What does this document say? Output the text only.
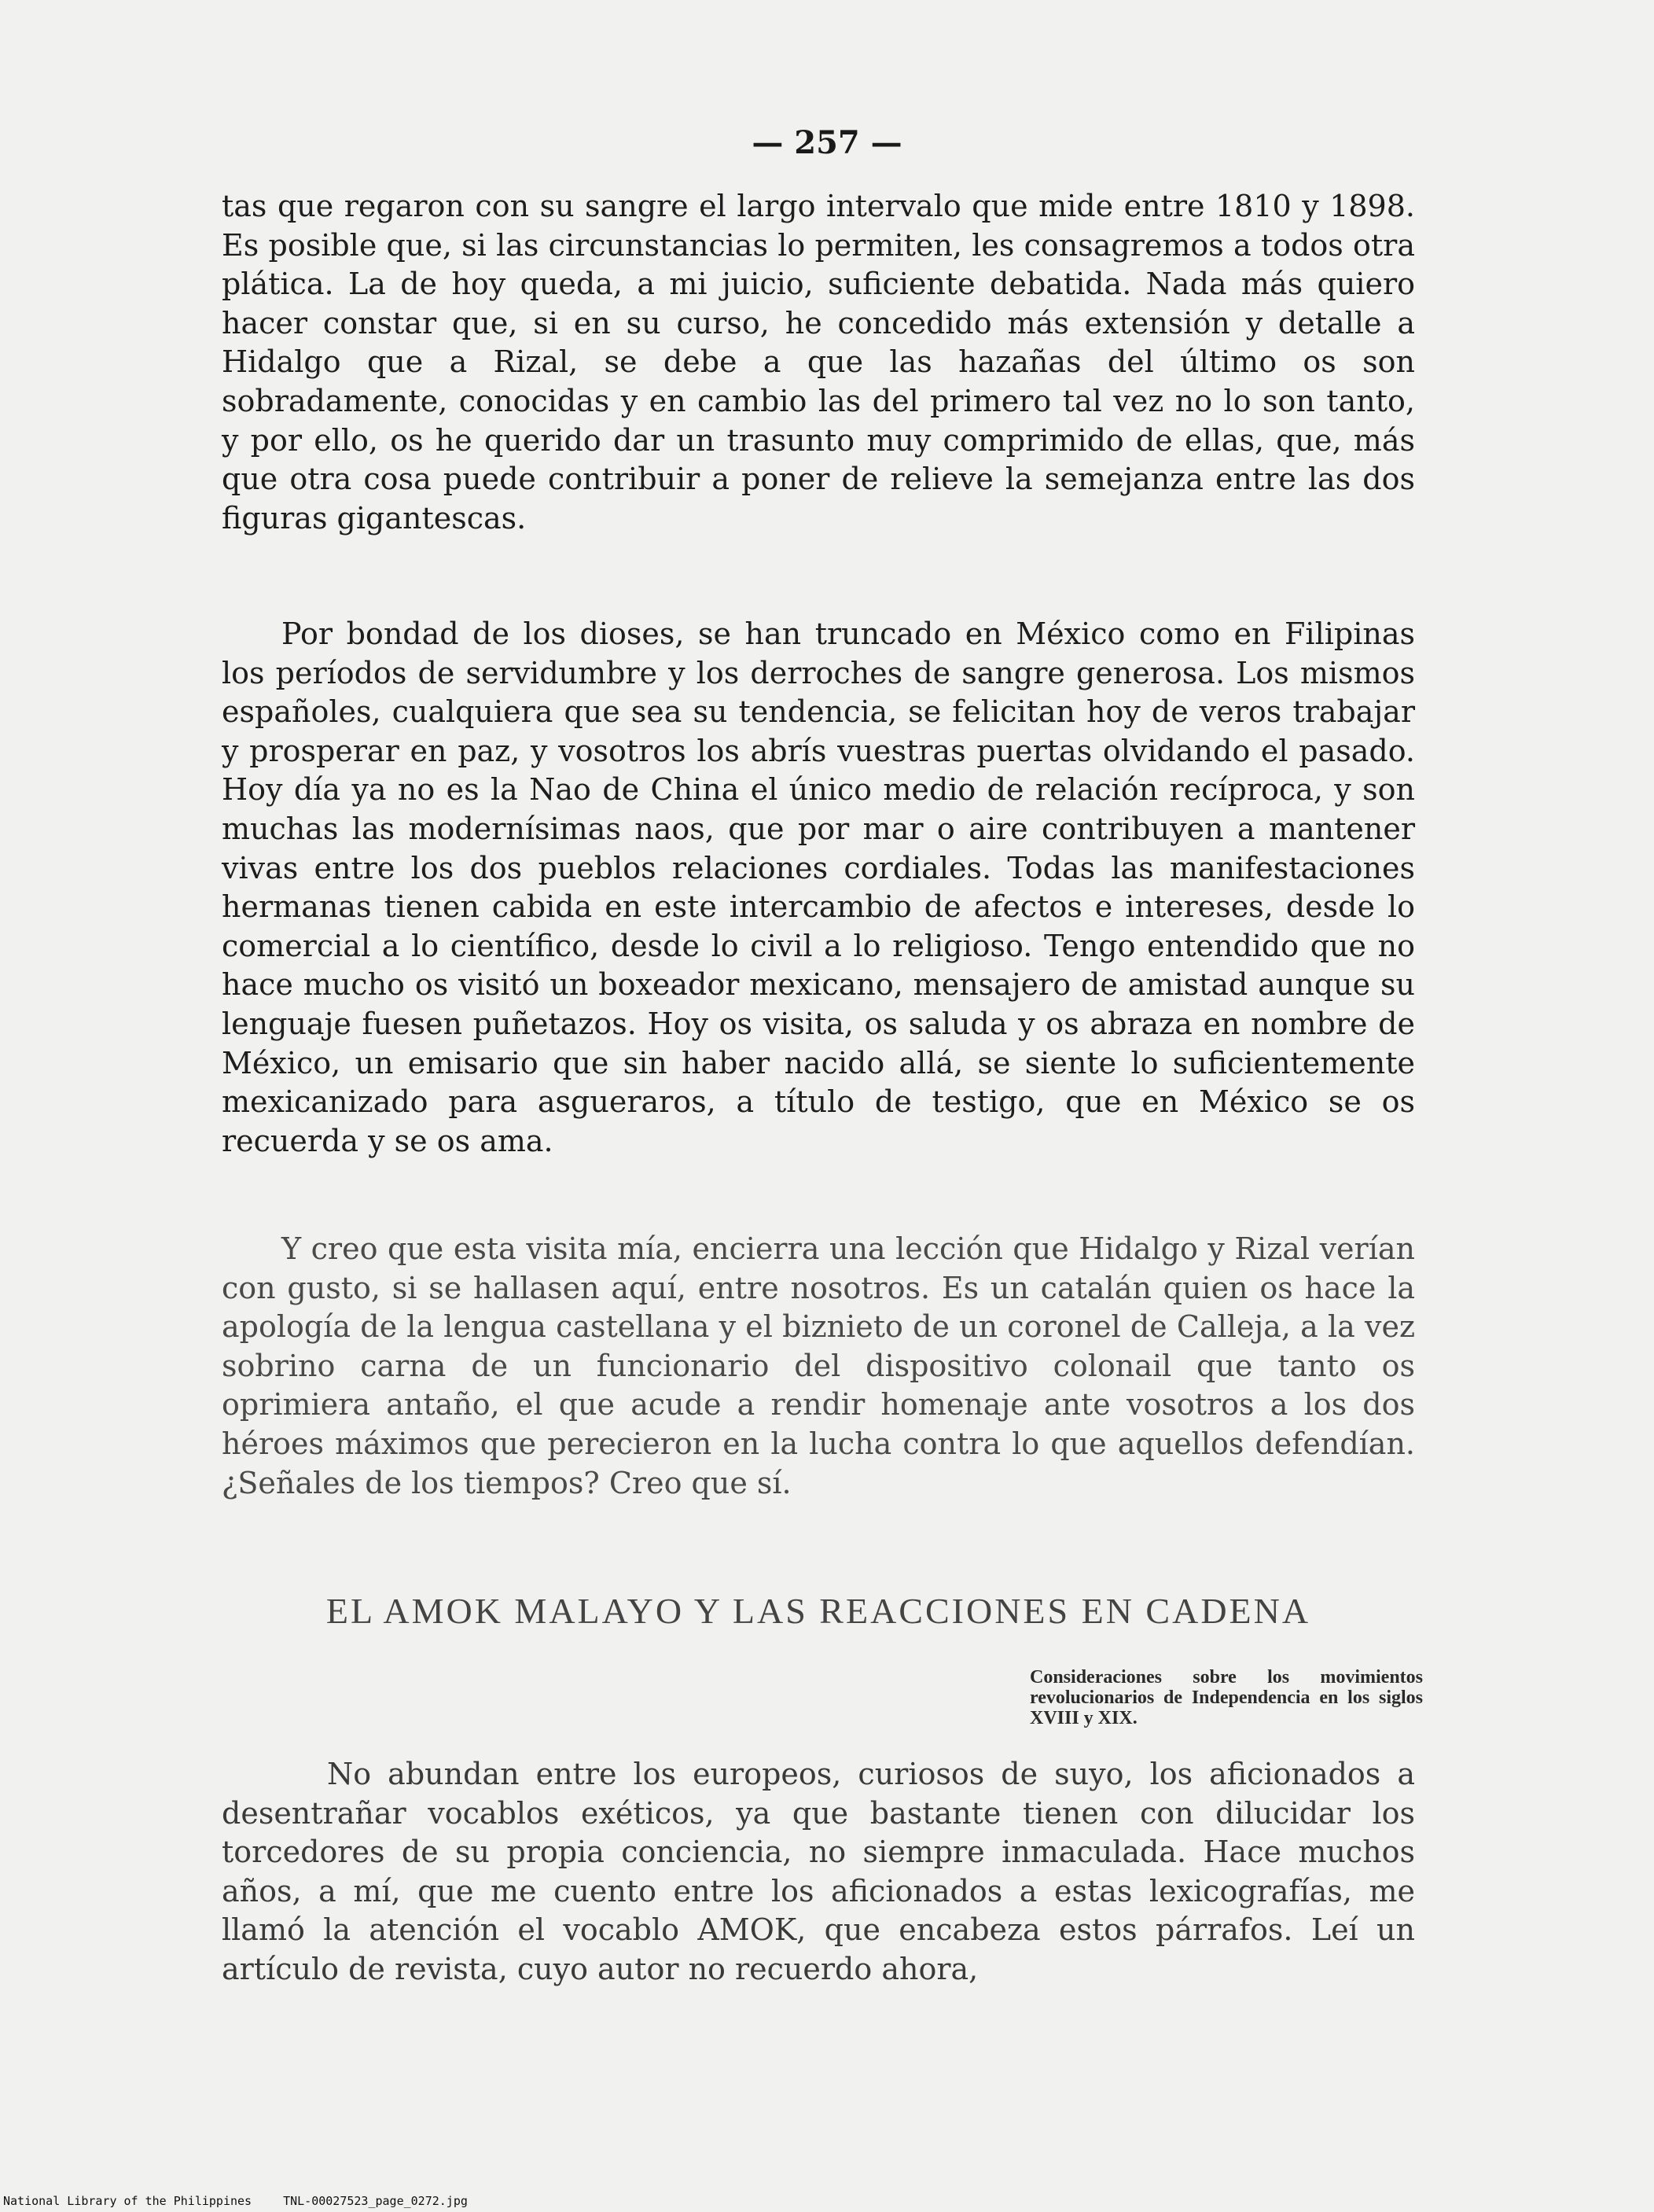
— 257 —

tas que regaron con su sangre el largo intervalo que mide entre 1810 y 1898. Es posible que, si las circunstancias lo permiten, les consagremos a todos otra plática. La de hoy queda, a mi juicio, suficiente debatida. Nada más quiero hacer constar que, si en su curso, he concedido más extensión y detalle a Hidalgo que a Rizal, se debe a que las hazañas del último os son sobradamente, conocidas y en cambio las del primero tal vez no lo son tanto, y por ello, os he querido dar un trasunto muy comprimido de ellas, que, más que otra cosa puede contribuir a poner de relieve la semejanza entre las dos figuras gigantescas.

Por bondad de los dioses, se han truncado en México como en Filipinas los períodos de servidumbre y los derroches de sangre generosa. Los mismos españoles, cualquiera que sea su tendencia, se felicitan hoy de veros trabajar y prosperar en paz, y vosotros los abrís vuestras puertas olvidando el pasado. Hoy día ya no es la Nao de China el único medio de relación recíproca, y son muchas las modernísimas naos, que por mar o aire contribuyen a mantener vivas entre los dos pueblos relaciones cordiales. Todas las manifestaciones hermanas tienen cabida en este intercambio de afectos e intereses, desde lo comercial a lo científico, desde lo civil a lo religioso. Tengo entendido que no hace mucho os visitó un boxeador mexicano, mensajero de amistad aunque su lenguaje fuesen puñetazos. Hoy os visita, os saluda y os abraza en nombre de México, un emisario que sin haber nacido allá, se siente lo suficientemente mexicanizado para asgueraros, a título de testigo, que en México se os recuerda y se os ama.

Y creo que esta visita mía, encierra una lección que Hidalgo y Rizal verían con gusto, si se hallasen aquí, entre nosotros. Es un catalán quien os hace la apología de la lengua castellana y el biznieto de un coronel de Calleja, a la vez sobrino carna de un funcionario del dispositivo colonail que tanto os oprimiera antaño, el que acude a rendir homenaje ante vosotros a los dos héroes máximos que perecieron en la lucha contra lo que aquellos defendían. ¿Señales de los tiempos? Creo que sí.

EL AMOK MALAYO Y LAS REACCIONES EN CADENA
Consideraciones sobre los movimientos revolucionarios de Independencia en los siglos XVIII y XIX.

No abundan entre los europeos, curiosos de suyo, los aficionados a desentrañar vocablos exéticos, ya que bastante tienen con dilucidar los torcedores de su propia conciencia, no siempre inmaculada. Hace muchos años, a mí, que me cuento entre los aficionados a estas lexicografías, me llamó la atención el vocablo AMOK, que encabeza estos párrafos. Leí un artículo de revista, cuyo autor no recuerdo ahora,

National Library of the Philippines	TNL-00027523_page_0272.jpg
